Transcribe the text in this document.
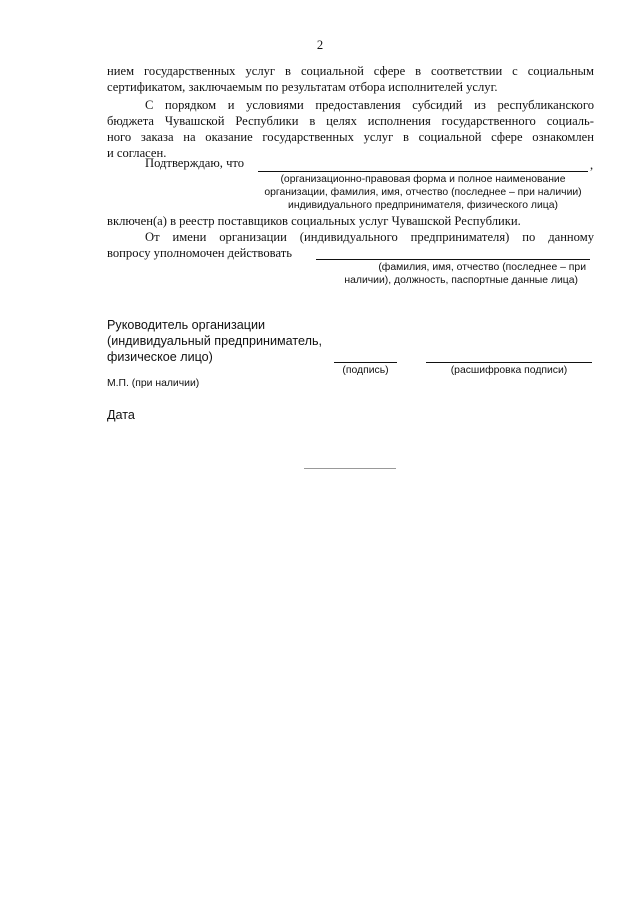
2
нием государственных услуг в социальной сфере в соответствии с социальным
сертификатом, заключаемым по результатам отбора исполнителей услуг.
С порядком и условиями предоставления субсидий из республиканского
бюджета Чувашской Республики в целях исполнения государственного социаль-
ного заказа на оказание государственных услуг в социальной сфере ознакомлен
и согласен.
Подтверждаю, что	,
(организационно-правовая форма и полное наименование
организации, фамилия, имя, отчество (последнее – при наличии)
индивидуального предпринимателя, физического лица)
включен(а) в реестр поставщиков социальных услуг Чувашской Республики.
От имени организации (индивидуального предпринимателя) по данному
вопросу уполномочен действовать
(фамилия, имя, отчество (последнее – при
наличии), должность, паспортные данные лица)
Руководитель организации
(индивидуальный предприниматель,
физическое лицо)
(подпись)	(расшифровка подписи)
М.П. (при наличии)
Дата
